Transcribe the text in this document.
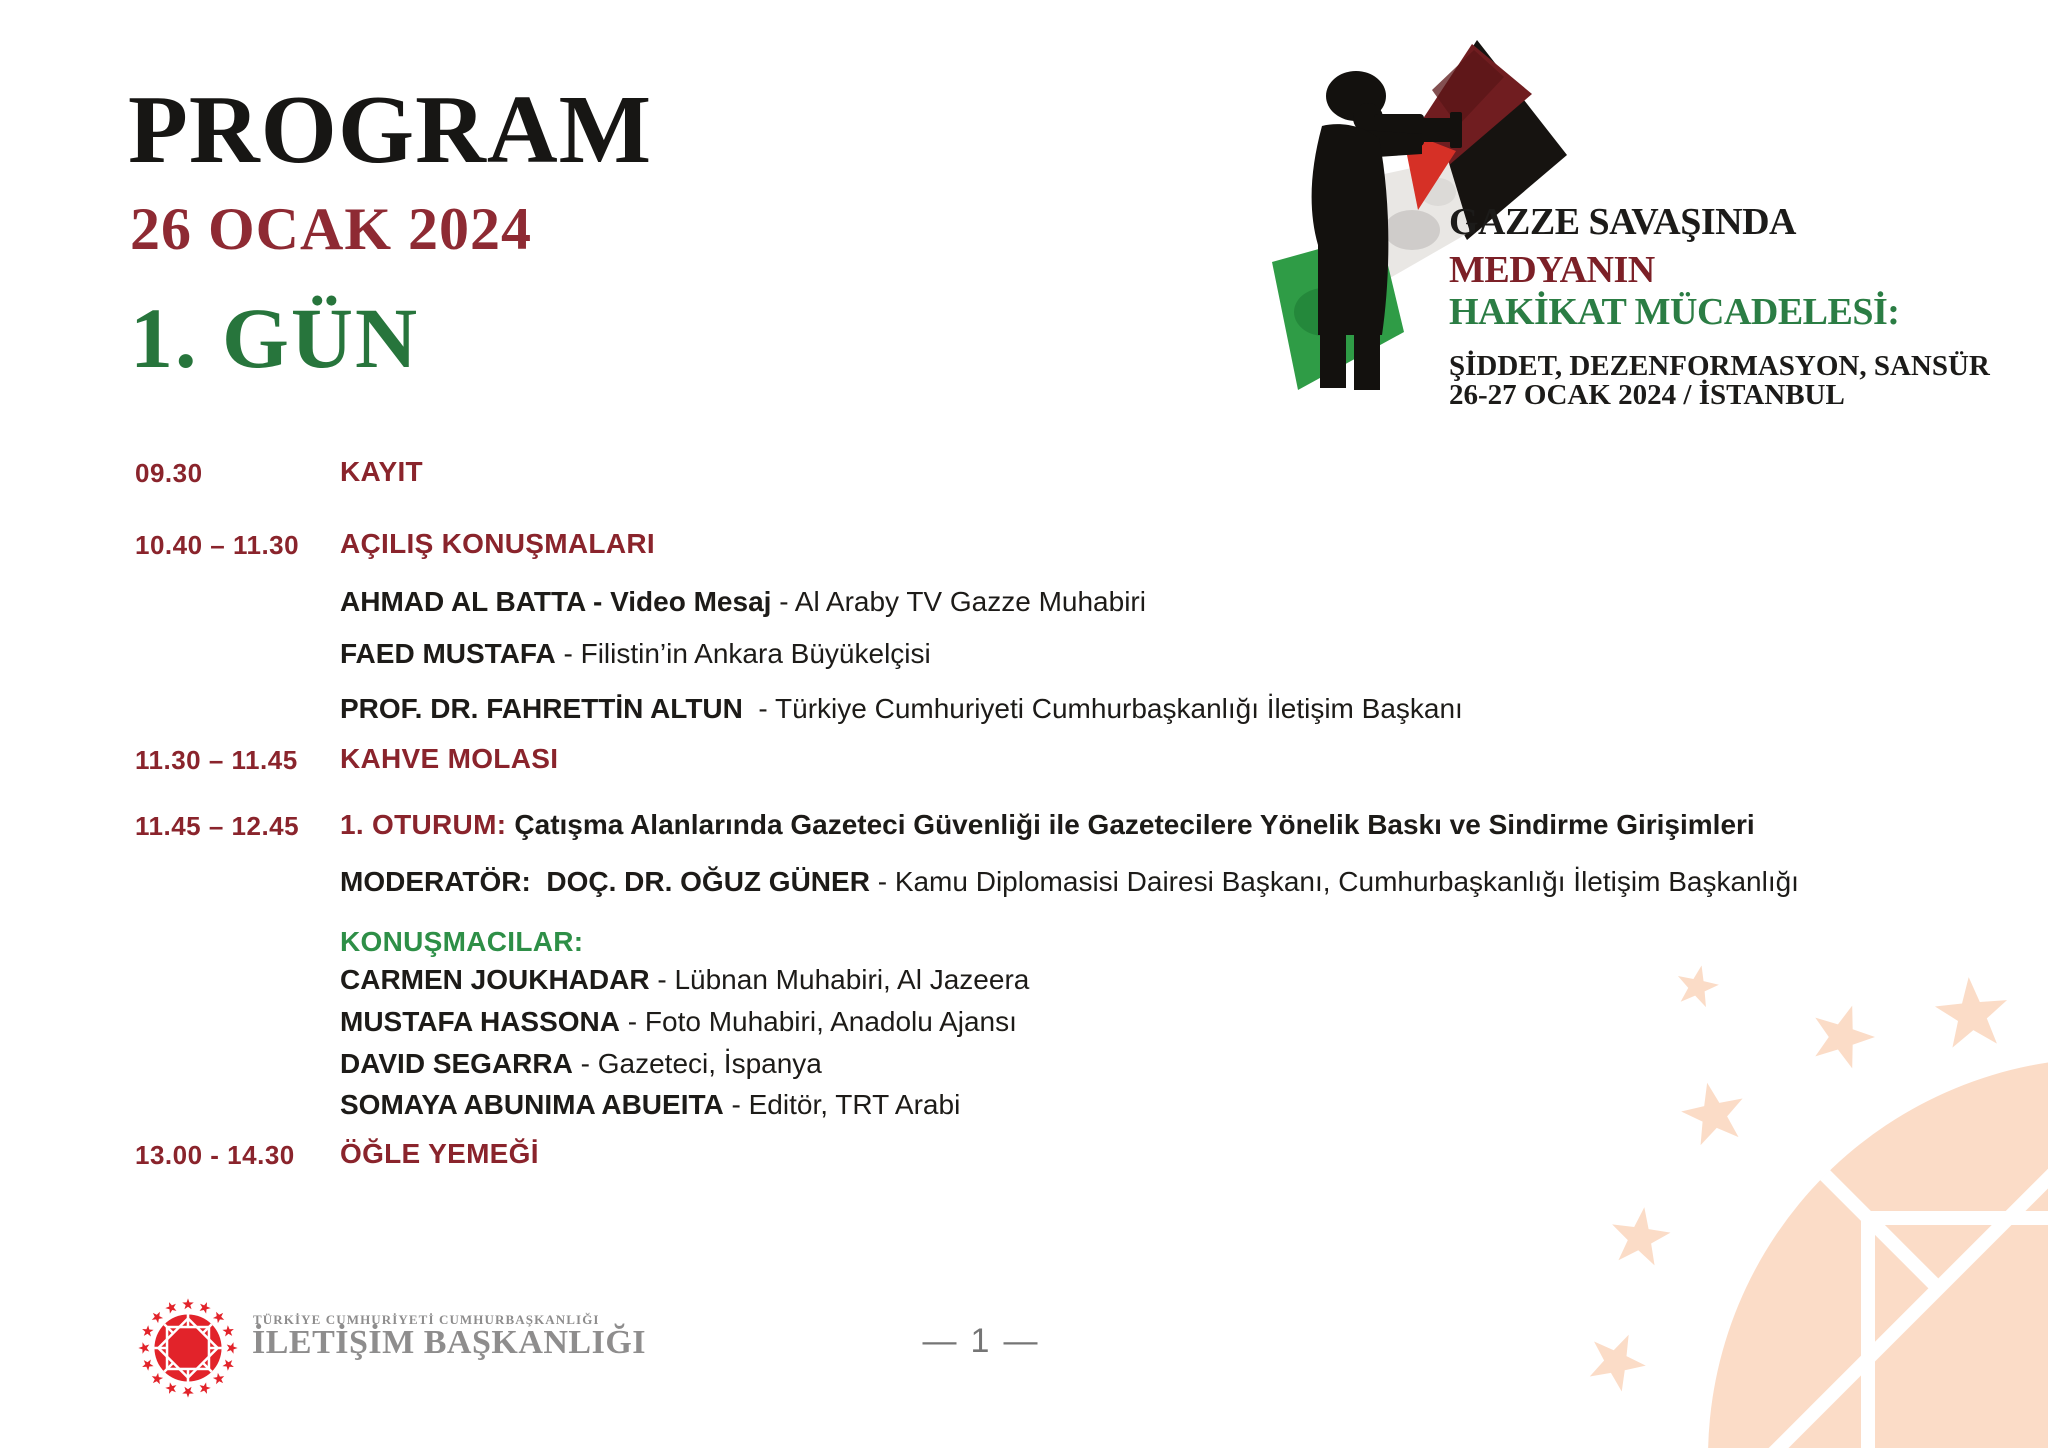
PROGRAM
26 OCAK 2024
1. GÜN
GAZZE SAVAŞINDA
MEDYANIN
HAKİKAT MÜCADELESİ:
ŞİDDET, DEZENFORMASYON, SANSÜR
26-27 OCAK 2024 / İSTANBUL
09.30	KAYIT
10.40 – 11.30 AÇILIŞ KONUŞMALARI
AHMAD AL BATTA - Video Mesaj - Al Araby TV Gazze Muhabiri
FAED MUSTAFA - Filistin’in Ankara Büyükelçisi
PROF. DR. FAHRETTİN ALTUN  - Türkiye Cumhuriyeti Cumhurbaşkanlığı İletişim Başkanı
11.30 – 11.45 KAHVE MOLASI
11.45 – 12.45 1. OTURUM: Çatışma Alanlarında Gazeteci Güvenliği ile Gazetecilere Yönelik Baskı ve Sindirme Girişimleri
MODERATÖR:  DOÇ. DR. OĞUZ GÜNER - Kamu Diplomasisi Dairesi Başkanı, Cumhurbaşkanlığı İletişim Başkanlığı
KONUŞMACILAR:
CARMEN JOUKHADAR - Lübnan Muhabiri, Al Jazeera
MUSTAFA HASSONA - Foto Muhabiri, Anadolu Ajansı
DAVID SEGARRA - Gazeteci, İspanya
SOMAYA ABUNIMA ABUEITA - Editör, TRT Arabi
13.00 - 14.30 ÖĞLE YEMEĞİ
TÜRKİYE CUMHURİYETİ CUMHURBAŞKANLIĞI
İLETİŞİM BAŞKANLIĞI	— 1 —
